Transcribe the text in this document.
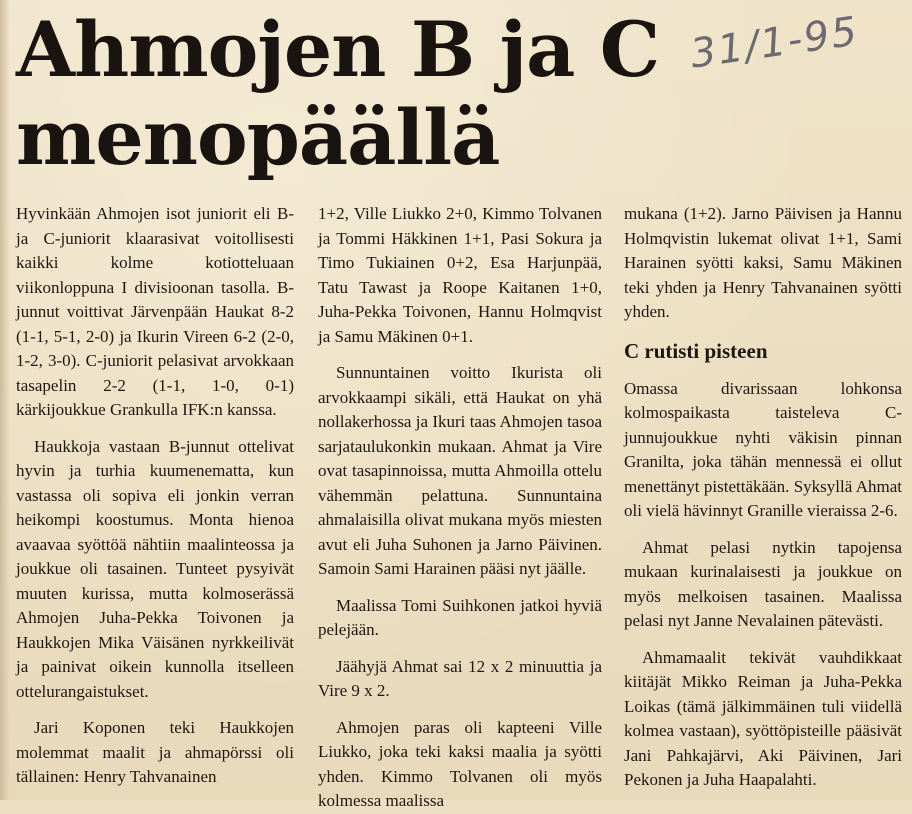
Ahmojen B ja C
menopäällä
31/1-95

Hyvinkään Ahmojen isot juniorit eli B- ja C-juniorit klaarasivat voitollisesti kaikki kolme kotiotteluaan viikonloppuna I divisioonan tasolla. B-junnut voittivat Järvenpään Haukat 8-2 (1-1, 5-1, 2-0) ja Ikurin Vireen 6-2 (2-0, 1-2, 3-0). C-juniorit pelasivat arvokkaan tasapelin 2-2 (1-1, 1-0, 0-1) kärkijoukkue Grankulla IFK:n kanssa.

Haukkoja vastaan B-junnut ottelivat hyvin ja turhia kuumenematta, kun vastassa oli sopiva eli jonkin verran heikompi koostumus. Monta hienoa avaavaa syöttöä nähtiin maalinteossa ja joukkue oli tasainen. Tunteet pysyivät muuten kurissa, mutta kolmoserässä Ahmojen Juha-Pekka Toivonen ja Haukkojen Mika Väisänen nyrkkeilivät ja painivat oikein kunnolla itselleen ottelurangaistukset.

Jari Koponen teki Haukkojen molemmat maalit ja ahmapörssi oli tällainen: Henry Tahvanainen

1+2, Ville Liukko 2+0, Kimmo Tolvanen ja Tommi Häkkinen 1+1, Pasi Sokura ja Timo Tukiainen 0+2, Esa Harjunpää, Tatu Tawast ja Roope Kaitanen 1+0, Juha-Pekka Toivonen, Hannu Holmqvist ja Samu Mäkinen 0+1.

Sunnuntainen voitto Ikurista oli arvokkaampi sikäli, että Haukat on yhä nollakerhossa ja Ikuri taas Ahmojen tasoa sarjataulukonkin mukaan. Ahmat ja Vire ovat tasapinnoissa, mutta Ahmoilla ottelu vähemmän pelattuna. Sunnuntaina ahmalaisilla olivat mukana myös miesten avut eli Juha Suhonen ja Jarno Päivinen. Samoin Sami Harainen pääsi nyt jäälle.

Maalissa Tomi Suihkonen jatkoi hyviä pelejään.

Jäähyjä Ahmat sai 12 x 2 minuuttia ja Vire 9 x 2.

Ahmojen paras oli kapteeni Ville Liukko, joka teki kaksi maalia ja syötti yhden. Kimmo Tolvanen oli myös kolmessa maalissa

mukana (1+2). Jarno Päivisen ja Hannu Holmqvistin lukemat olivat 1+1, Sami Harainen syötti kaksi, Samu Mäkinen teki yhden ja Henry Tahvanainen syötti yhden.

C rutisti pisteen

Omassa divarissaan lohkonsa kolmospaikasta taisteleva C-junnujoukkue nyhti väkisin pinnan Granilta, joka tähän mennessä ei ollut menettänyt pistettäkään. Syksyllä Ahmat oli vielä hävinnyt Granille vieraissa 2-6.

Ahmat pelasi nytkin tapojensa mukaan kurinalaisesti ja joukkue on myös melkoisen tasainen. Maalissa pelasi nyt Janne Nevalainen pätevästi.

Ahmamaalit tekivät vauhdikkaat kiitäjät Mikko Reiman ja Juha-Pekka Loikas (tämä jälkimmäinen tuli viidellä kolmea vastaan), syöttöpisteille pääsivät Jani Pahkajärvi, Aki Päivinen, Jari Pekonen ja Juha Haapalahti.
